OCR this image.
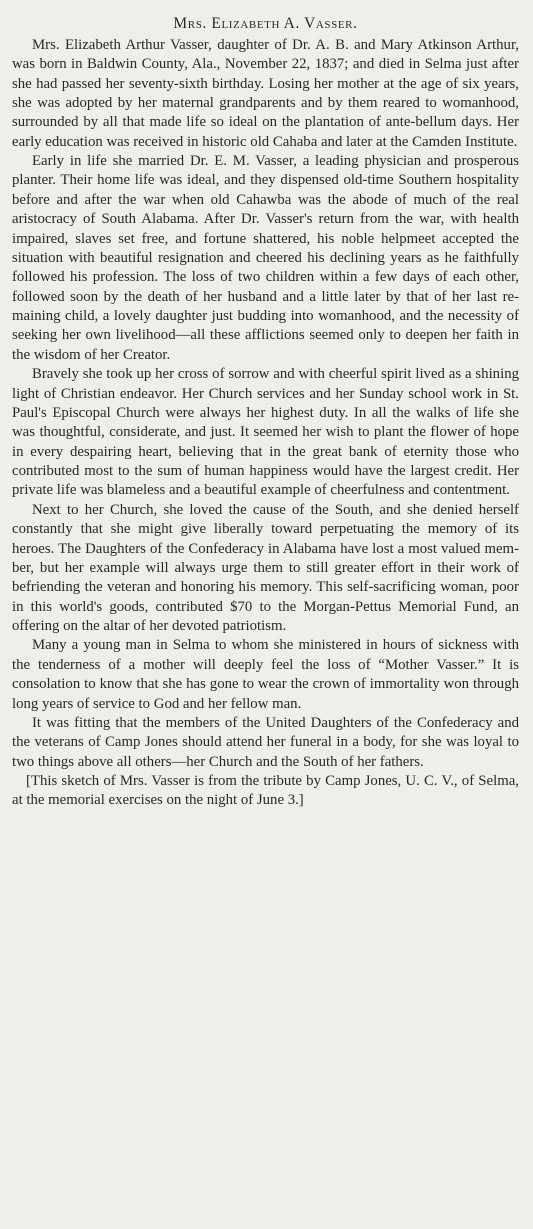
Mrs. Elizabeth A. Vasser.

Mrs. Elizabeth Arthur Vasser, daughter of Dr. A. B. and Mary Atkinson Arthur, was born in Baldwin County, Ala., November 22, 1837; and died in Selma just after she had passed her seventy-sixth birthday. Losing her mother at the age of six years, she was adopted by her maternal grandparents and by them reared to womanhood, surrounded by all that made life so ideal on the plantation of ante-bellum days. Her early education was received in historic old Cahaba and later at the Camden Institute.

Early in life she married Dr. E. M. Vasser, a leading physician and prosperous planter. Their home life was ideal, and they dispensed old-time Southern hospitality before and after the war when old Cahawba was the abode of much of the real aristocracy of South Alabama. After Dr. Vasser's return from the war, with health impaired, slaves set free, and fortune shattered, his noble helpmeet accepted the situation with beautiful resignation and cheered his declining years as he faithfully followed his profession. The loss of two children within a few days of each other, followed soon by the death of her husband and a little later by that of her last remaining child, a lovely daughter just budding into womanhood, and the necessity of seeking her own livelihood—all these afflictions seemed only to deepen her faith in the wisdom of her Creator.

Bravely she took up her cross of sorrow and with cheerful spirit lived as a shining light of Christian endeavor. Her Church services and her Sunday school work in St. Paul's Episcopal Church were always her highest duty. In all the walks of life she was thoughtful, considerate, and just. It seemed her wish to plant the flower of hope in every despairing heart, believing that in the great bank of eternity those who contributed most to the sum of human happiness would have the largest credit. Her private life was blameless and a beautiful example of cheerfulness and contentment.

Next to her Church, she loved the cause of the South, and she denied herself constantly that she might give liberally toward perpetuating the memory of its heroes. The Daughters of the Confederacy in Alabama have lost a most valued member, but her example will always urge them to still greater effort in their work of befriending the veteran and honoring his memory. This self-sacrificing woman, poor in this world's goods, contributed $70 to the Morgan-Pettus Memorial Fund, an offering on the altar of her devoted patriotism.

Many a young man in Selma to whom she ministered in hours of sickness with the tenderness of a mother will deeply feel the loss of “Mother Vasser.” It is consolation to know that she has gone to wear the crown of immortality won through long years of service to God and her fellow man.

It was fitting that the members of the United Daughters of the Confederacy and the veterans of Camp Jones should attend her funeral in a body, for she was loyal to two things above all others—her Church and the South of her fathers.

[This sketch of Mrs. Vasser is from the tribute by Camp Jones, U. C. V., of Selma, at the memorial exercises on the night of June 3.]
